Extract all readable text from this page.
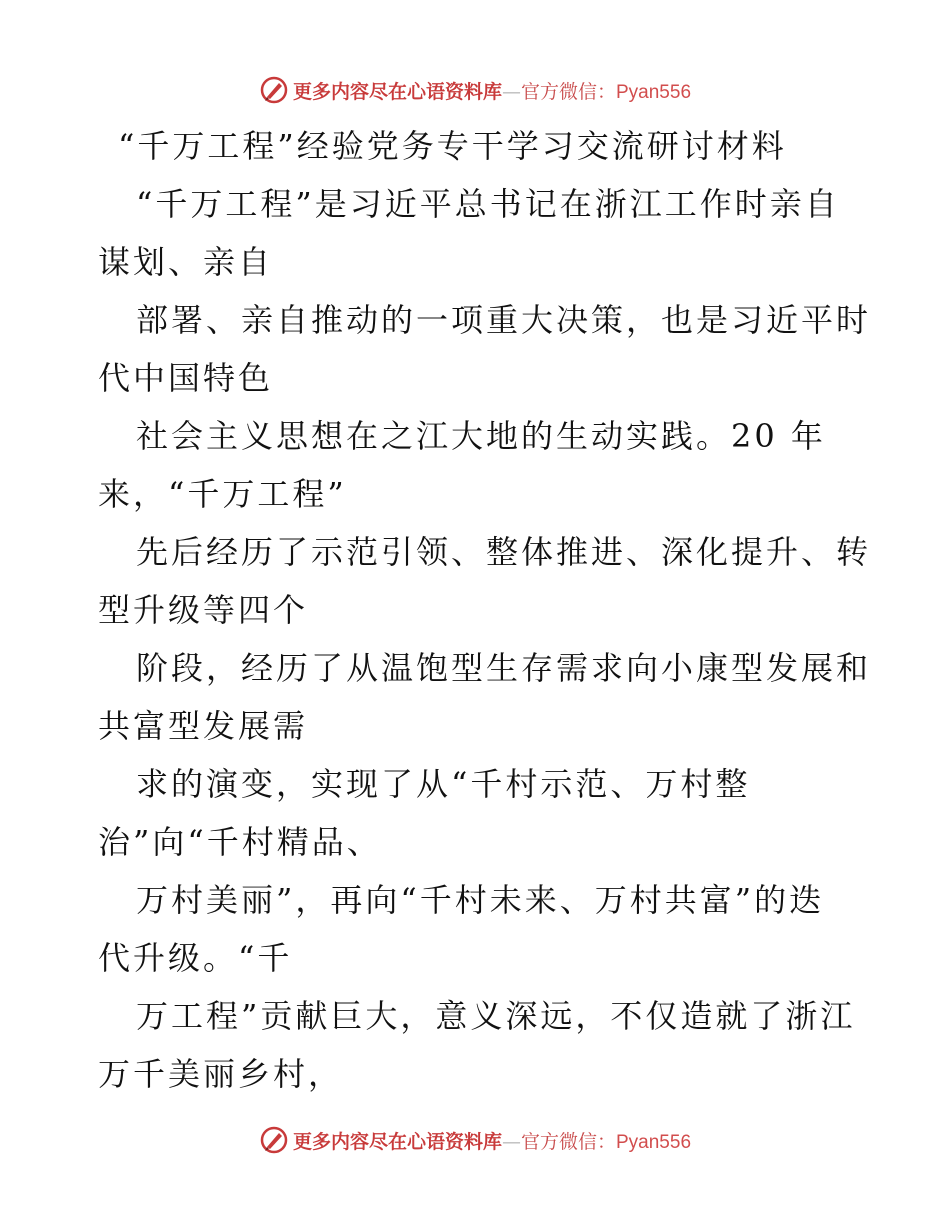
更多内容尽在心语资料库—官方微信：Pyan556
“千万工程”经验党务专干学习交流研讨材料
“千万工程”是习近平总书记在浙江工作时亲自
谋划、亲自
部署、亲自推动的一项重大决策，也是习近平时
代中国特色
社会主义思想在之江大地的生动实践。20 年
来，“千万工程”
先后经历了示范引领、整体推进、深化提升、转
型升级等四个
阶段，经历了从温饱型生存需求向小康型发展和
共富型发展需
求的演变，实现了从“千村示范、万村整
治”向“千村精品、
万村美丽”，再向“千村未来、万村共富”的迭
代升级。“千
万工程”贡献巨大，意义深远，不仅造就了浙江
万千美丽乡村，
更多内容尽在心语资料库—官方微信：Pyan556
